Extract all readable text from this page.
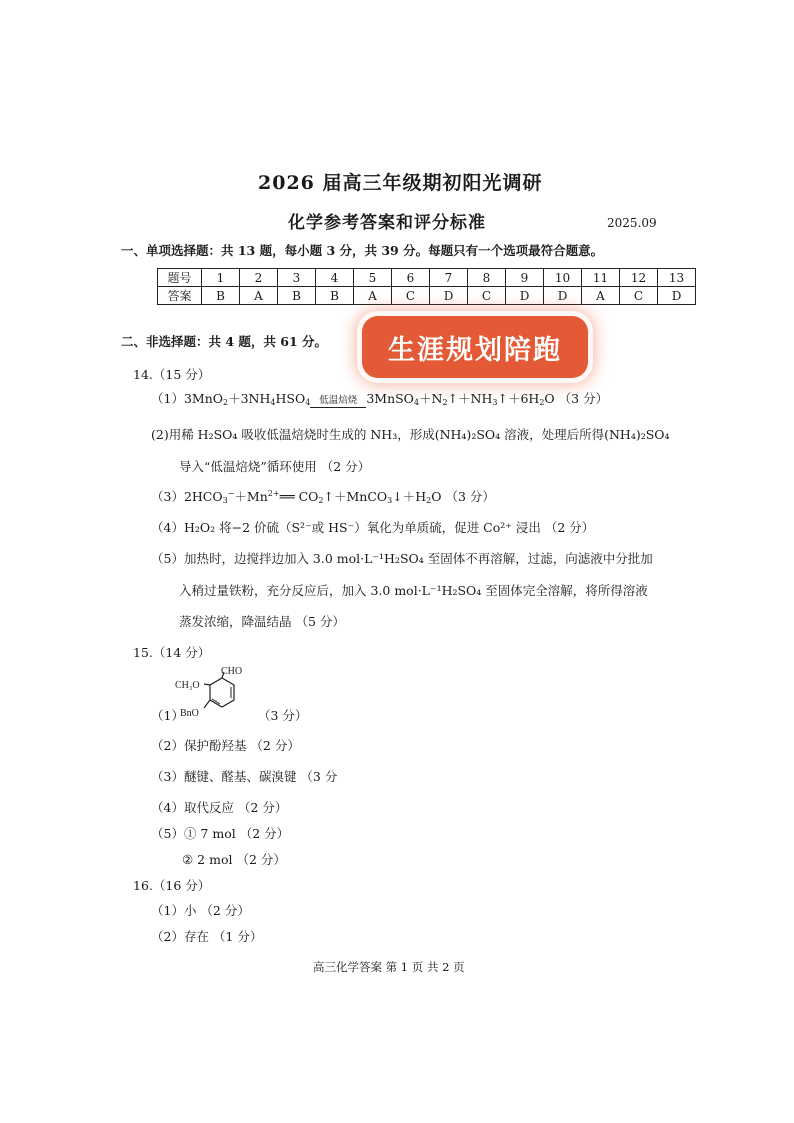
2026 届高三年级期初阳光调研
化学参考答案和评分标准	2025.09
一、单项选择题：共 13 题，每小题 3 分，共 39 分。每题只有一个选项最符合题意。
题号	1	2	3	4	5	6	7	8	9	10	11	12	13
答案	B	A	B	B	A	C	D	C	D	D	A	C	D
二、非选择题：共 4 题，共 61 分。	生涯规划陪跑
14.（15 分）
$(1)3MnO_2+3NH_4HSO_4$ 低温焙烧 $3MnSO_4+N_2↑+NH_3↑+6H_2O$ （3 分）
(2)用稀 H₂SO₄ 吸收低温焙烧时生成的 NH₃，形成(NH₄)₂SO₄ 溶液，处理后所得(NH₄)₂SO₄
导入“低温焙烧”循环使用 （2 分）
$(3)2HCO_3^-+Mn^{2+}══$ $CO_2↑+MnCO_3↓+H_2O$ （3 分）
（4）H₂O₂ 将−2 价硫（S²⁻或 HS⁻）氧化为单质硫，促进 Co²⁺ 浸出 （2 分）
（5）加热时，边搅拌边加入 3.0 mol·L⁻¹H₂SO₄ 至固体不再溶解，过滤，向滤液中分批加
入稍过量铁粉，充分反应后，加入 3.0 mol·L⁻¹H₂SO₄ 至固体完全溶解，将所得溶液
蒸发浓缩，降温结晶 （5 分）
15.（14 分）
（1）
CHO
CH₃O
BnO	（3 分）
（2）保护酚羟基 （2 分）
（3）醚键、醛基、碳溴键 （3 分
（4）取代反应 （2 分）
（5）① 7 mol （2 分）
② 2 mol （2 分）
16.（16 分）
（1）小 （2 分）
（2）存在 （1 分）
高三化学答案 第 1 页 共 2 页
